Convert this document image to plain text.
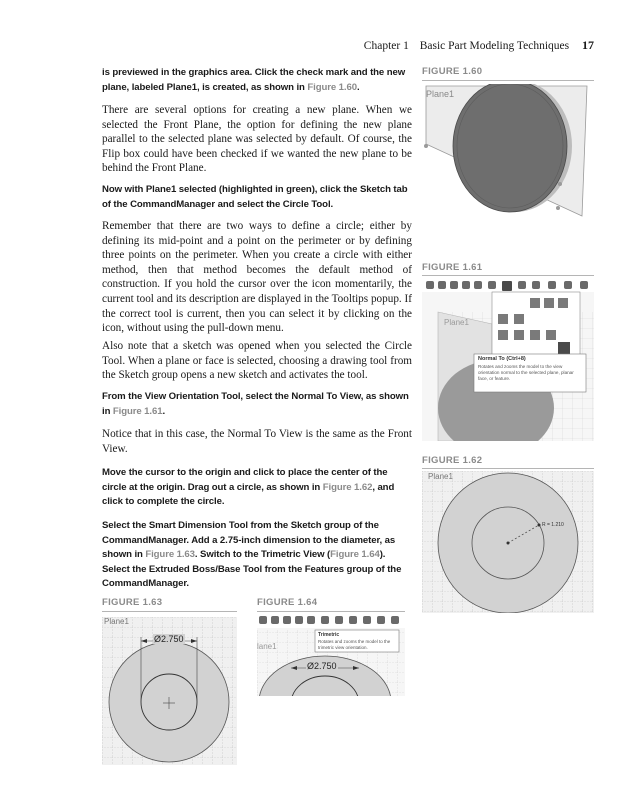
Chapter 1 Basic Part Modeling Techniques 17

is previewed in the graphics area. Click the check mark and the new plane, labeled Plane1, is created, as shown in Figure 1.60.

There are several options for creating a new plane. When we selected the Front Plane, the option for defining the new plane parallel to the selected plane was selected by default. Of course, the Flip box could have been checked if we wanted the new plane to be behind the Front Plane.

Now with Plane1 selected (highlighted in green), click the Sketch tab of the CommandManager and select the Circle Tool.

Remember that there are two ways to define a circle; either by defining its mid-point and a point on the perimeter or by defining three points on the perimeter. When you create a circle with either method, then that method becomes the default method of construction. If you hold the cursor over the icon momentarily, the current tool and its description are displayed in the Tooltips popup. If the correct tool is current, then you can select it by clicking on the icon, without using the pull-down menu.

Also note that a sketch was opened when you selected the Circle Tool. When a plane or face is selected, choosing a drawing tool from the Sketch group opens a new sketch and activates the tool.

From the View Orientation Tool, select the Normal To View, as shown in Figure 1.61.

Notice that in this case, the Normal To View is the same as the Front View.

Move the cursor to the origin and click to place the center of the circle at the origin. Drag out a circle, as shown in Figure 1.62, and click to complete the circle.

Select the Smart Dimension Tool from the Sketch group of the CommandManager. Add a 2.75-inch dimension to the diameter, as shown in Figure 1.63. Switch to the Trimetric View (Figure 1.64). Select the Extruded Boss/Base Tool from the Features group of the CommandManager.

FIGURE 1.60
Plane1
FIGURE 1.61
Plane1
Normal To (Ctrl+8)
Rotates and zooms the model to the view orientation normal to the selected plane, planar face, or feature.
FIGURE 1.62
Plane1
R = 1.210
FIGURE 1.63
Plane1
Ø2.750
FIGURE 1.64
lane1
Trimetric
Rotates and zooms the model to the trimetric view orientation.
Ø2.750
